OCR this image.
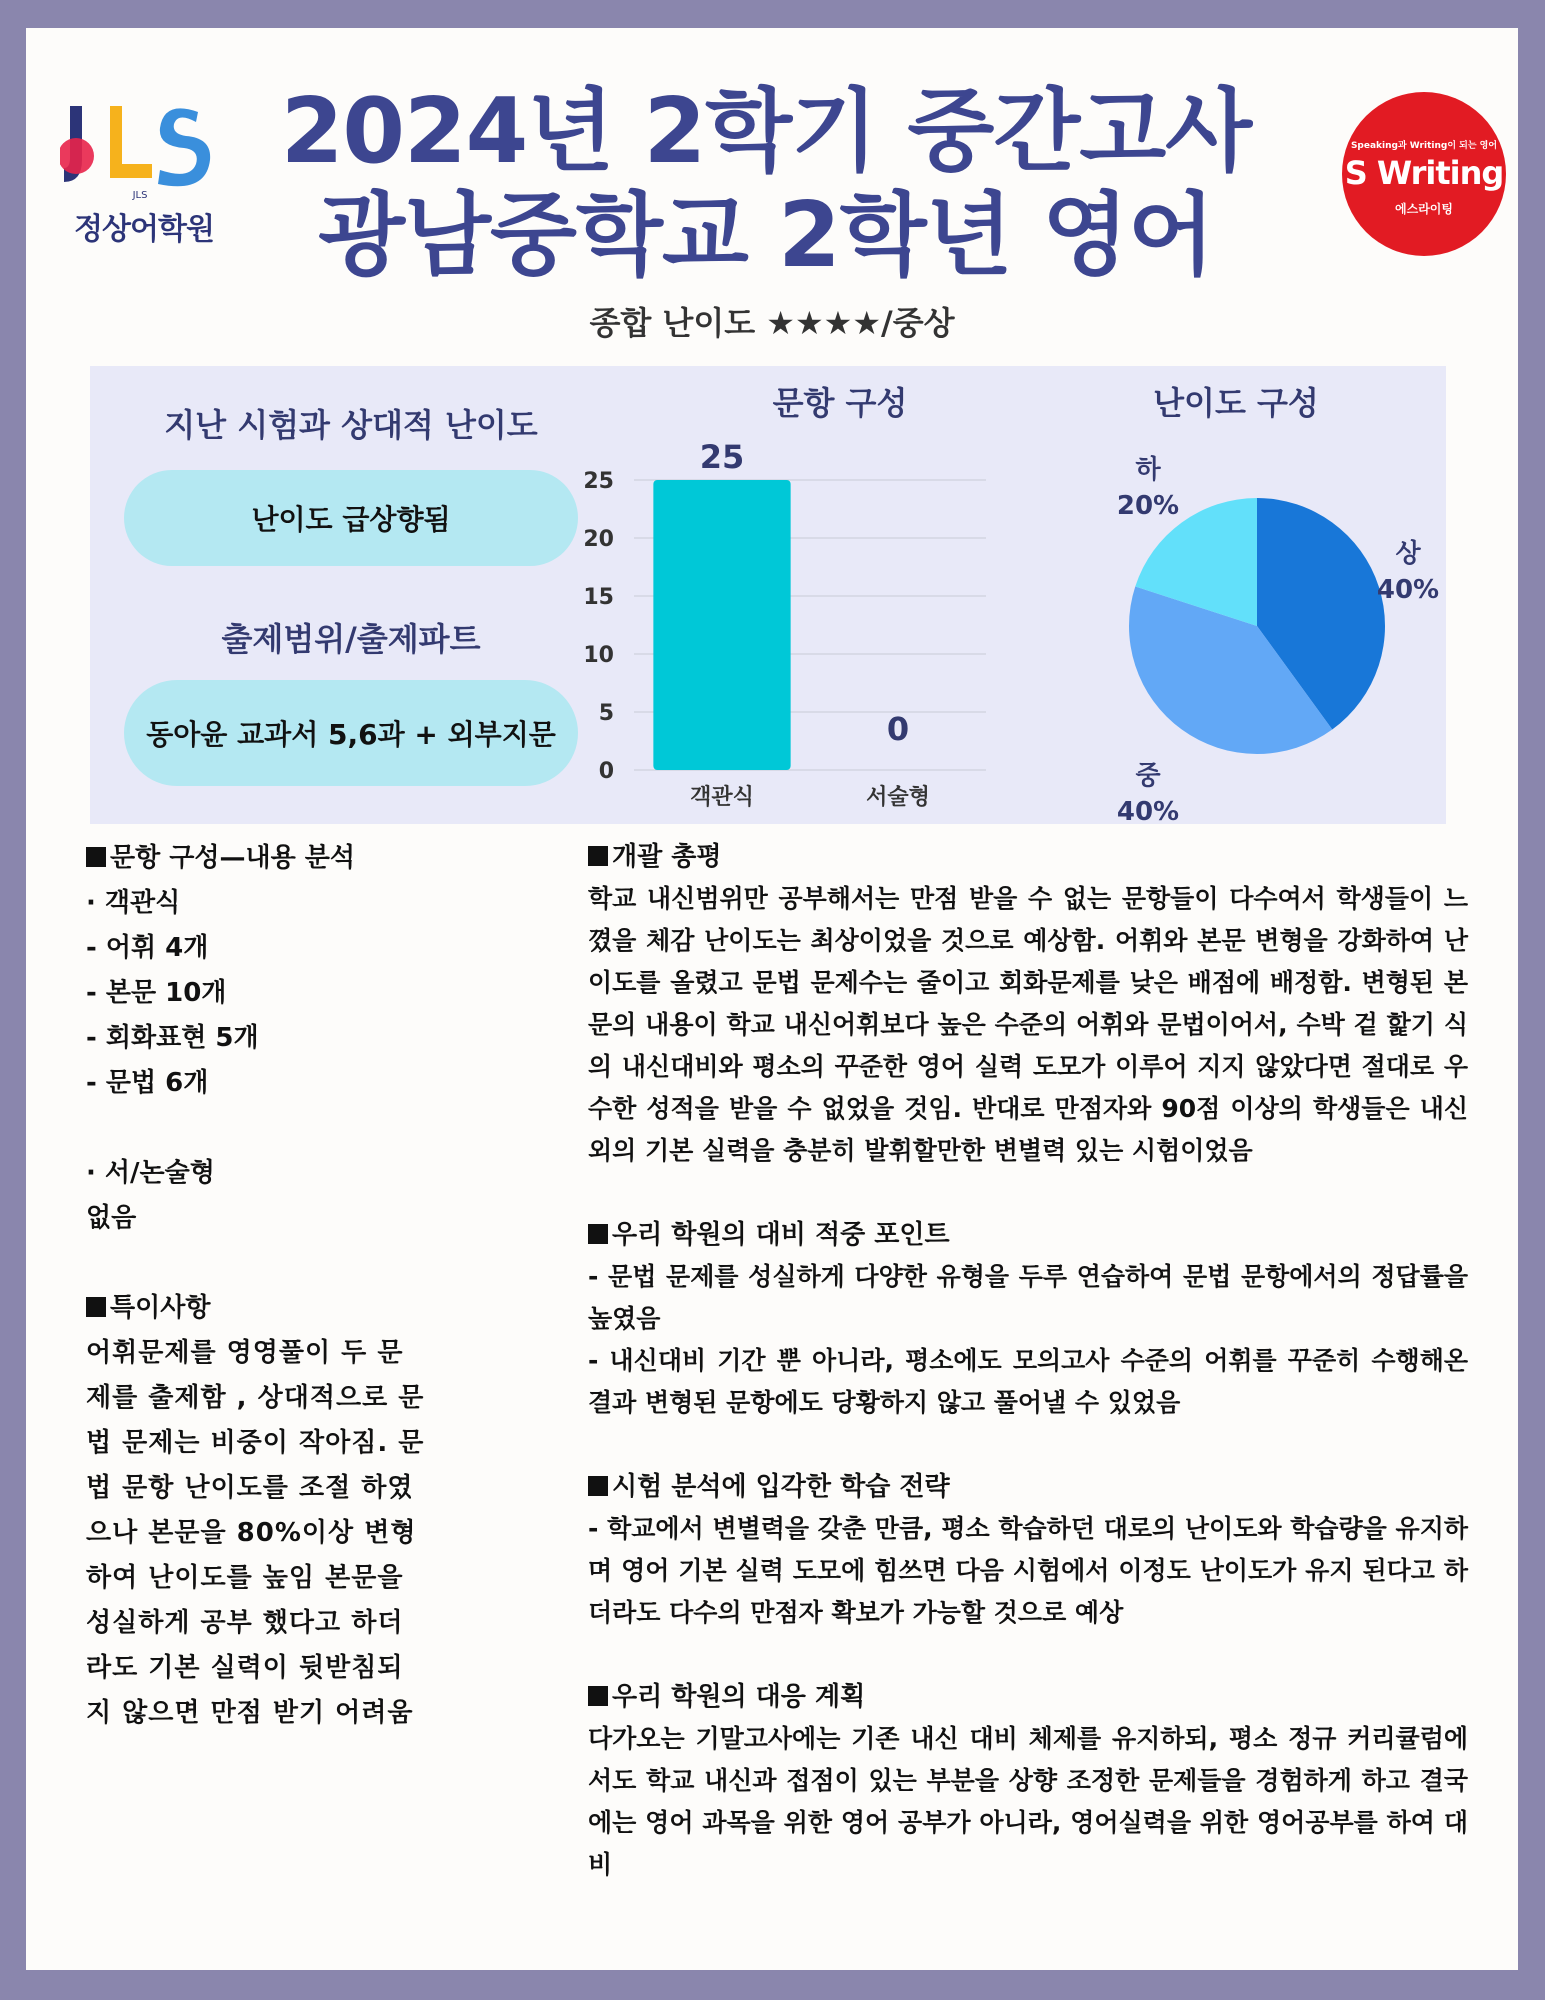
JLS
정상어학원
2024년 2학기 중간고사
광남중학교 2학년 영어
Speaking과 Writing이 되는 영어
S Writing
에스라이팅
종합 난이도 ★★★★/중상
지난 시험과 상대적 난이도
난이도 급상향됨
출제범위/출제파트
동아윤 교과서 5,6과 + 외부지문
문항 구성
0
5
10
15
20
25
25
객관식
0
서술형
난이도 구성
상
40%
중
40%
하
20%
문항 구성—내용 분석
· 객관식
- 어휘 4개
- 본문 10개
- 회화표현 5개
- 문법 6개
· 서/논술형
없음
특이사항
어휘문제를 영영풀이 두 문
제를 출제함 , 상대적으로 문
법 문제는 비중이 작아짐. 문
법 문항 난이도를 조절 하였
으나 본문을 80%이상 변형
하여 난이도를 높임 본문을
성실하게 공부 했다고 하더
라도 기본 실력이 뒷받침되
지 않으면 만점 받기 어려움
개괄 총평

학교 내신범위만 공부해서는 만점 받을 수 없는 문항들이 다수여서 학생들이 느꼈을 체감 난이도는 최상이었을 것으로 예상함. 어휘와 본문 변형을 강화하여 난이도를 올렸고 문법 문제수는 줄이고 회화문제를 낮은 배점에 배정함. 변형된 본문의 내용이 학교 내신어휘보다 높은 수준의 어휘와 문법이어서, 수박 겉 핥기 식의 내신대비와 평소의 꾸준한 영어 실력 도모가 이루어 지지 않았다면 절대로 우수한 성적을 받을 수 없었을 것임. 반대로 만점자와 90점 이상의 학생들은 내신외의 기본 실력을 충분히 발휘할만한 변별력 있는 시험이었음

우리 학원의 대비 적중 포인트

- 문법 문제를 성실하게 다양한 유형을 두루 연습하여 문법 문항에서의 정답률을 높였음

- 내신대비 기간 뿐 아니라, 평소에도 모의고사 수준의 어휘를 꾸준히 수행해온 결과 변형된 문항에도 당황하지 않고 풀어낼 수 있었음

시험 분석에 입각한 학습 전략

- 학교에서 변별력을 갖춘 만큼, 평소 학습하던 대로의 난이도와 학습량을 유지하며 영어 기본 실력 도모에 힘쓰면 다음 시험에서 이정도 난이도가 유지 된다고 하더라도 다수의 만점자 확보가 가능할 것으로 예상

우리 학원의 대응 계획

다가오는 기말고사에는 기존 내신 대비 체제를 유지하되, 평소 정규 커리큘럼에서도 학교 내신과 접점이 있는 부분을 상향 조정한 문제들을 경험하게 하고 결국에는 영어 과목을 위한 영어 공부가 아니라, 영어실력을 위한 영어공부를 하여 대비
